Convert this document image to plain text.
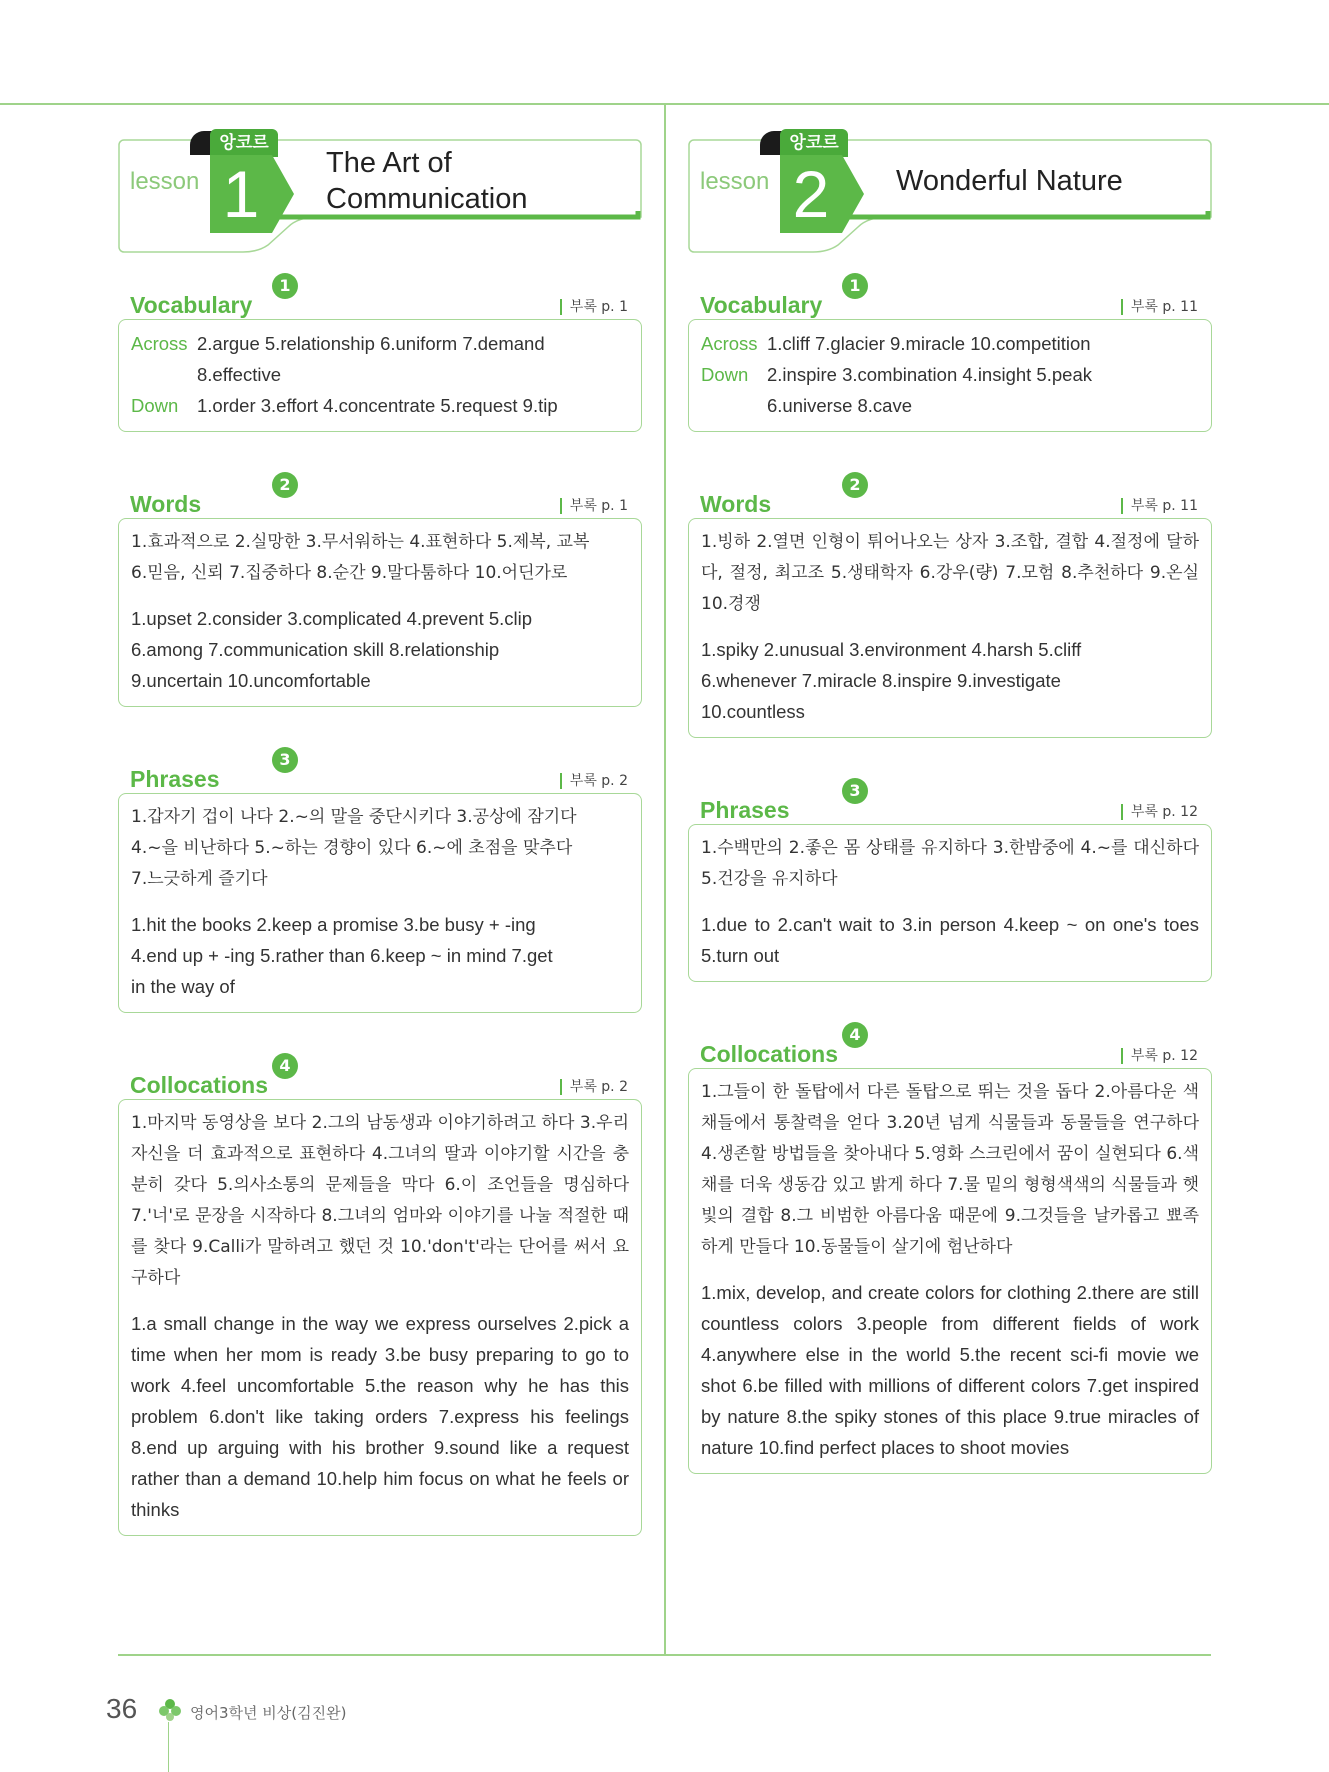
앙코르
lesson 1	The Art of
Communication
Vocabulary
1
부록 p. 1
Across 2.argue 5.relationship 6.uniform 7.demand
8.effective
Down	1.order 3.effort 4.concentrate 5.request 9.tip
Words
2
부록 p. 1

1.효과적으로 2.실망한 3.무서워하는 4.표현하다 5.제복, 교복
6.믿음, 신뢰 7.집중하다 8.순간 9.말다툼하다 10.어딘가로

1.upset 2.consider 3.complicated 4.prevent 5.clip
6.among 7.communication skill 8.relationship
9.uncertain 10.uncomfortable

Phrases
3
부록 p. 2

1.갑자기 겁이 나다 2.~의 말을 중단시키다 3.공상에 잠기다
4.~을 비난하다 5.~하는 경향이 있다 6.~에 초점을 맞추다
7.느긋하게 즐기다

1.hit the books 2.keep a promise 3.be busy + -ing
4.end up + -ing 5.rather than 6.keep ~ in mind 7.get
in the way of

Collocations
4
부록 p. 2

1.마지막 동영상을 보다 2.그의 남동생과 이야기하려고 하다 3.우리 자신을 더 효과적으로 표현하다 4.그녀의 딸과 이야기할 시간을 충분히 갖다 5.의사소통의 문제들을 막다 6.이 조언들을 명심하다 7.'너'로 문장을 시작하다 8.그녀의 엄마와 이야기를 나눌 적절한 때를 찾다 9.Calli가 말하려고 했던 것 10.'don't'라는 단어를 써서 요구하다

1.a small change in the way we express ourselves 2.pick a time when her mom is ready 3.be busy preparing to go to work 4.feel uncomfortable 5.the reason why he has this problem 6.don't like taking orders 7.express his feelings 8.end up arguing with his brother 9.sound like a request rather than a demand 10.help him focus on what he feels or thinks

앙코르
lesson 2	Wonderful Nature
Vocabulary
1
부록 p. 11
Across 1.cliff 7.glacier 9.miracle 10.competition
Down	2.inspire 3.combination 4.insight 5.peak
6.universe 8.cave
Words
2
부록 p. 11

1.빙하 2.열면 인형이 튀어나오는 상자 3.조합, 결합 4.절정에 달하다, 절정, 최고조 5.생태학자 6.강우(량) 7.모험 8.추천하다 9.온실 10.경쟁

1.spiky 2.unusual 3.environment 4.harsh 5.cliff
6.whenever 7.miracle 8.inspire 9.investigate
10.countless

Phrases
3
부록 p. 12

1.수백만의 2.좋은 몸 상태를 유지하다 3.한밤중에 4.~를 대신하다 5.건강을 유지하다

1.due to 2.can't wait to 3.in person 4.keep ~ on one's toes 5.turn out

Collocations
4
부록 p. 12

1.그들이 한 돌탑에서 다른 돌탑으로 뛰는 것을 돕다 2.아름다운 색채들에서 통찰력을 얻다 3.20년 넘게 식물들과 동물들을 연구하다 4.생존할 방법들을 찾아내다 5.영화 스크린에서 꿈이 실현되다 6.색채를 더욱 생동감 있고 밝게 하다 7.물 밑의 형형색색의 식물들과 햇빛의 결합 8.그 비범한 아름다움 때문에 9.그것들을 날카롭고 뾰족하게 만들다 10.동물들이 살기에 험난하다

1.mix, develop, and create colors for clothing 2.there are still countless colors 3.people from different fields of work 4.anywhere else in the world 5.the recent sci-fi movie we shot 6.be filled with millions of different colors 7.get inspired by nature 8.the spiky stones of this place 9.true miracles of nature 10.find perfect places to shoot movies

36	영어3학년 비상(김진완)
